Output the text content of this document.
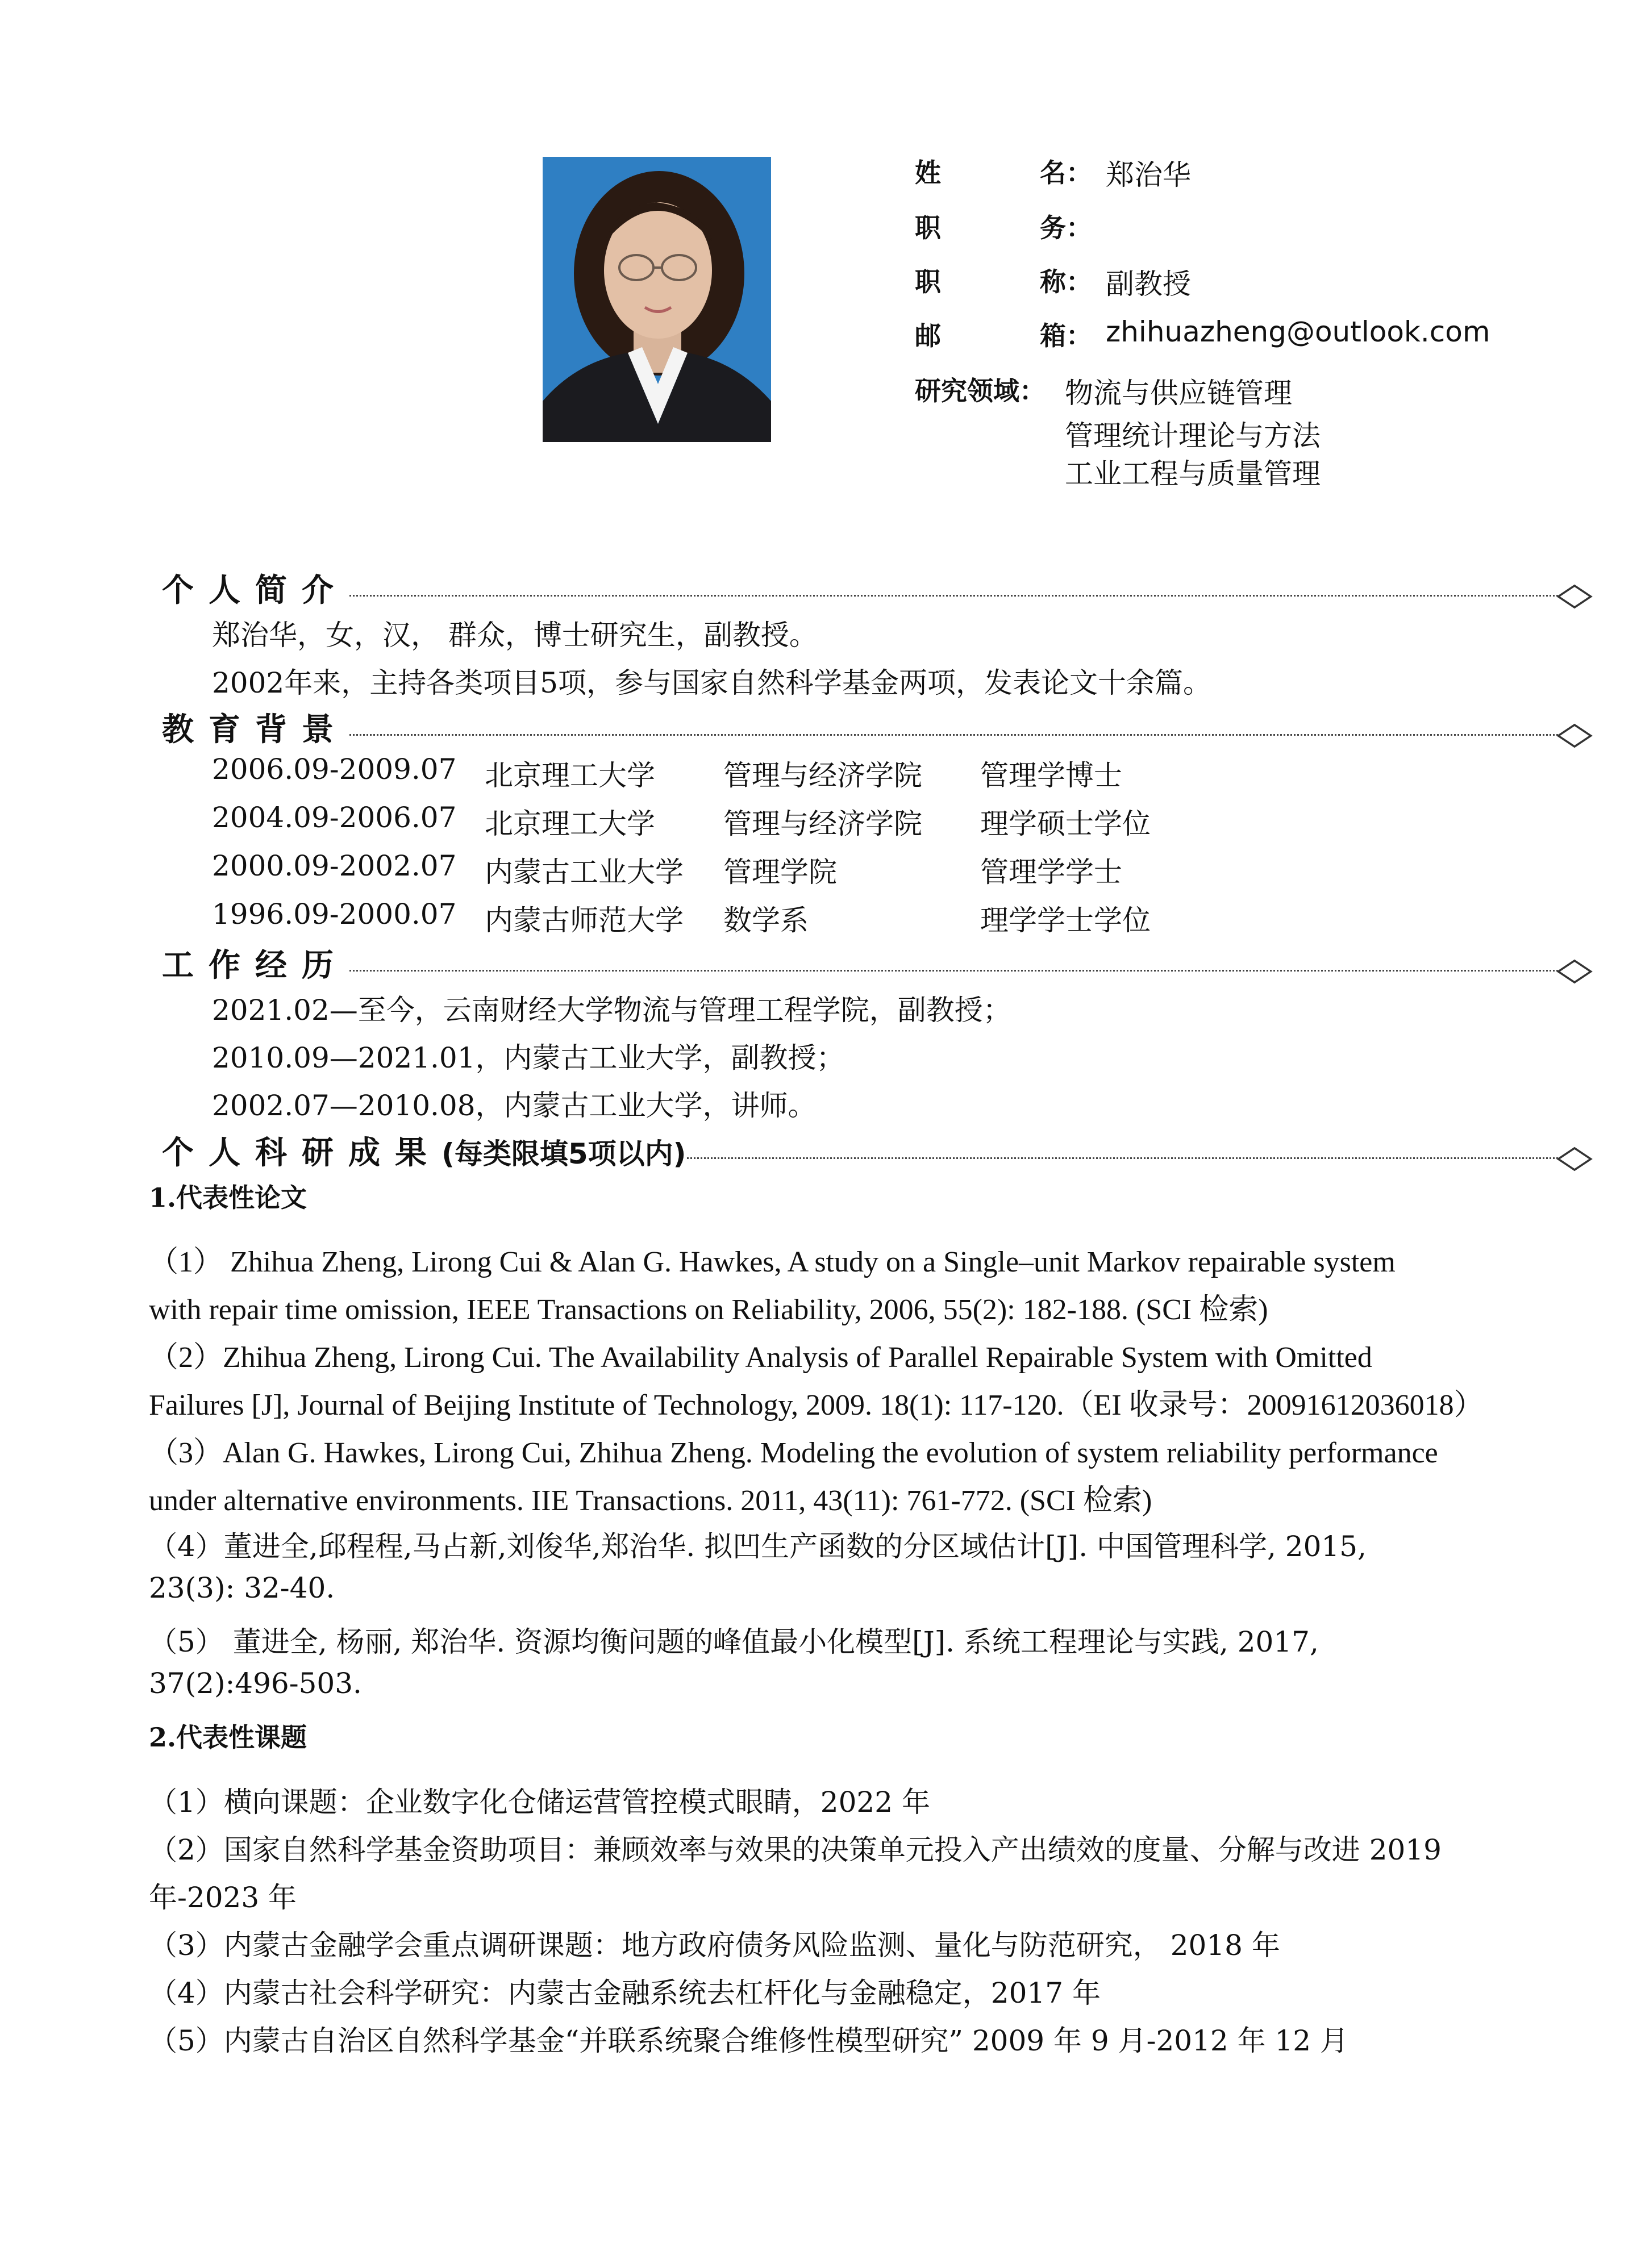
姓	名： 郑治华
职	务：
职	称： 副教授
邮	箱： zhihuazheng@outlook.com
研究领域： 物流与供应链管理
管理统计理论与方法
工业工程与质量管理
个人简介
郑治华，女，汉， 群众，博士研究生，副教授。
2002年来，主持各类项目5项，参与国家自然科学基金两项，发表论文十余篇。
教育背景
2006.09-2009.07 北京理工大学 管理与经济学院 管理学博士
2004.09-2006.07 北京理工大学 管理与经济学院 理学硕士学位
2000.09-2002.07 内蒙古工业大学 管理学院	管理学学士
1996.09-2000.07 内蒙古师范大学 数学系	理学学士学位
工作经历
2021.02—至今，云南财经大学物流与管理工程学院，副教授；
2010.09—2021.01，内蒙古工业大学，副教授；
2002.07—2010.08，内蒙古工业大学，讲师。
个人科研成果(每类限填5项以内)
1.代表性论文
（1） Zhihua Zheng, Lirong Cui & Alan G. Hawkes, A study on a Single–unit Markov repairable system
with repair time omission, IEEE Transactions on Reliability, 2006, 55(2): 182-188. (SCI 检索)
（2）Zhihua Zheng, Lirong Cui. The Availability Analysis of Parallel Repairable System with Omitted
Failures [J], Journal of Beijing Institute of Technology, 2009. 18(1): 117-120.（EI 收录号：20091612036018）
（3）Alan G. Hawkes, Lirong Cui, Zhihua Zheng. Modeling the evolution of system reliability performance
under alternative environments. IIE Transactions. 2011, 43(11): 761-772. (SCI 检索)
（4）董进全,邱程程,马占新,刘俊华,郑治华. 拟凹生产函数的分区域估计[J]. 中国管理科学, 2015,
23(3): 32-40.
（5） 董进全, 杨丽, 郑治华. 资源均衡问题的峰值最小化模型[J]. 系统工程理论与实践, 2017,
37(2):496-503.
2.代表性课题
（1）横向课题：企业数字化仓储运营管控模式眼睛，2022 年
（2）国家自然科学基金资助项目：兼顾效率与效果的决策单元投入产出绩效的度量、分解与改进 2019
年-2023 年
（3）内蒙古金融学会重点调研课题：地方政府债务风险监测、量化与防范研究， 2018 年
（4）内蒙古社会科学研究：内蒙古金融系统去杠杆化与金融稳定，2017 年
（5）内蒙古自治区自然科学基金“并联系统聚合维修性模型研究” 2009 年 9 月-2012 年 12 月
